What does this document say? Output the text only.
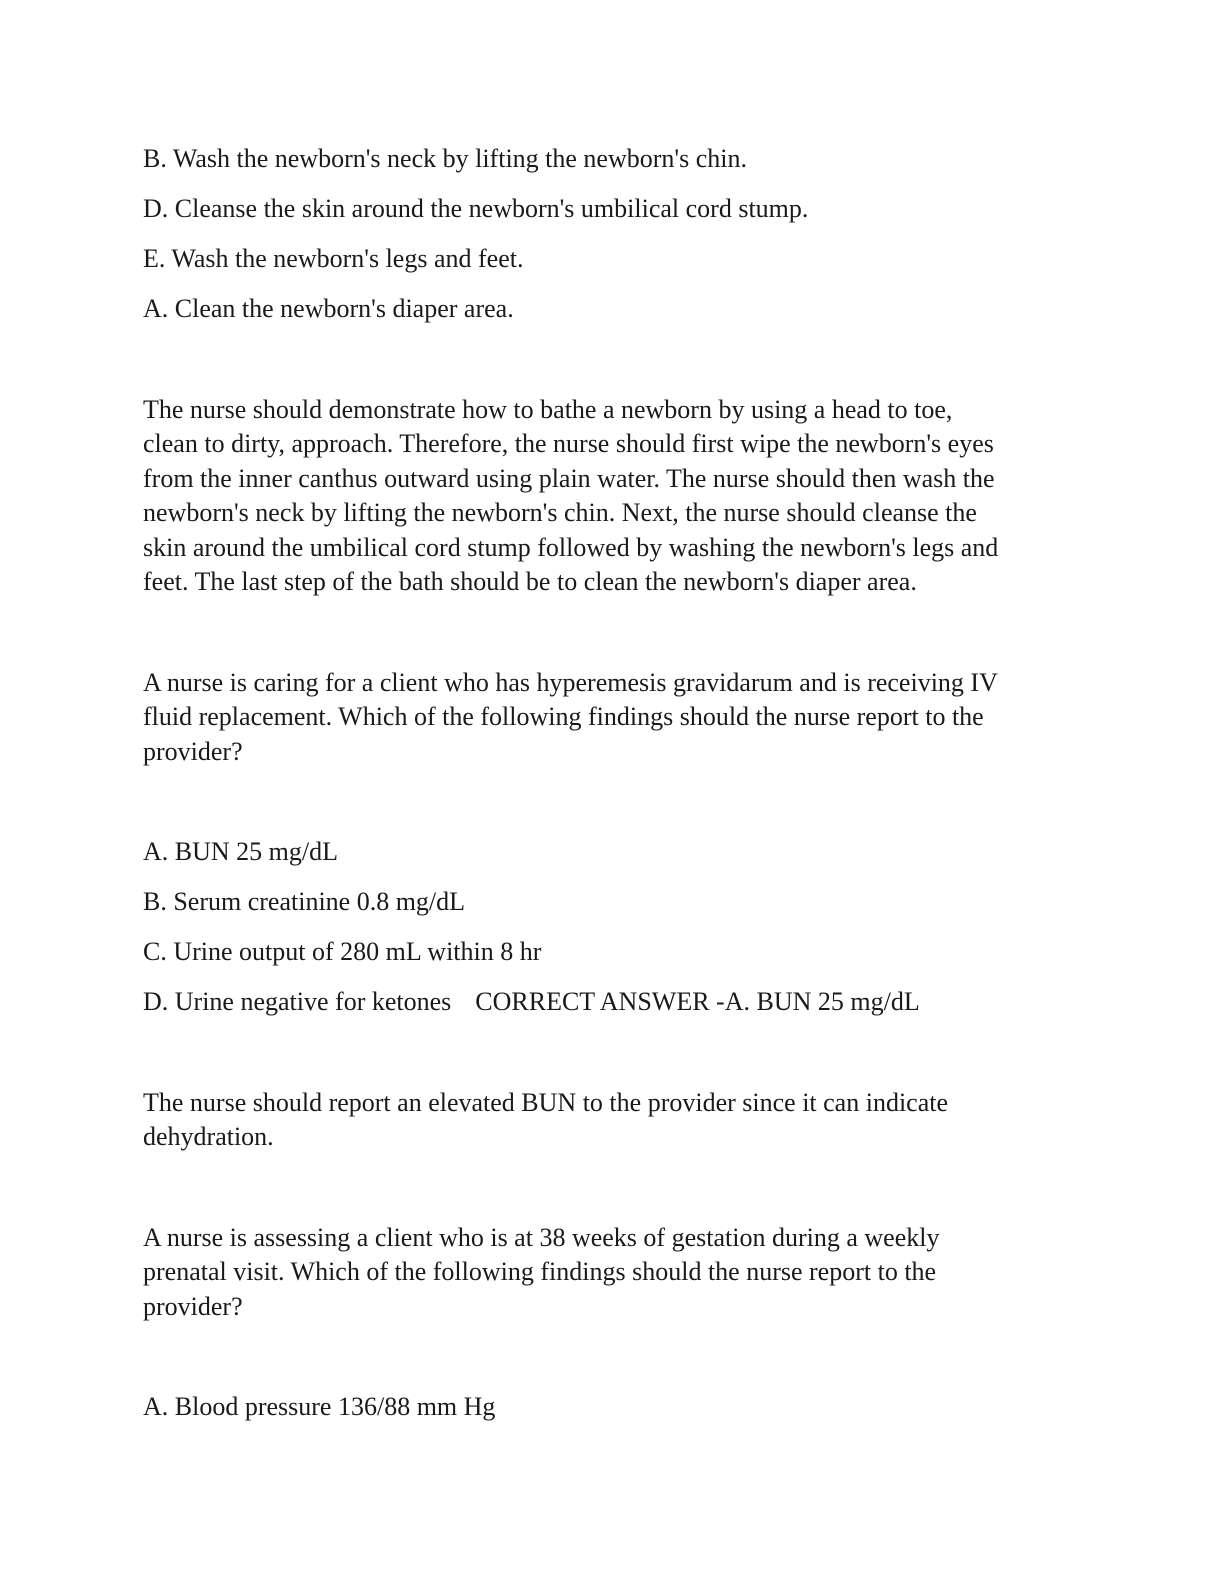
B. Wash the newborn's neck by lifting the newborn's chin.

D. Cleanse the skin around the newborn's umbilical cord stump.

E. Wash the newborn's legs and feet.

A. Clean the newborn's diaper area.

The nurse should demonstrate how to bathe a newborn by using a head to toe,

clean to dirty, approach. Therefore, the nurse should first wipe the newborn's eyes

from the inner canthus outward using plain water. The nurse should then wash the

newborn's neck by lifting the newborn's chin. Next, the nurse should cleanse the

skin around the umbilical cord stump followed by washing the newborn's legs and

feet. The last step of the bath should be to clean the newborn's diaper area.

A nurse is caring for a client who has hyperemesis gravidarum and is receiving IV

fluid replacement. Which of the following findings should the nurse report to the

provider?

A. BUN 25 mg/dL

B. Serum creatinine 0.8 mg/dL

C. Urine output of 280 mL within 8 hr

D. Urine negative for ketones CORRECT ANSWER -A. BUN 25 mg/dL

The nurse should report an elevated BUN to the provider since it can indicate

dehydration.

A nurse is assessing a client who is at 38 weeks of gestation during a weekly

prenatal visit. Which of the following findings should the nurse report to the

provider?

A. Blood pressure 136/88 mm Hg
